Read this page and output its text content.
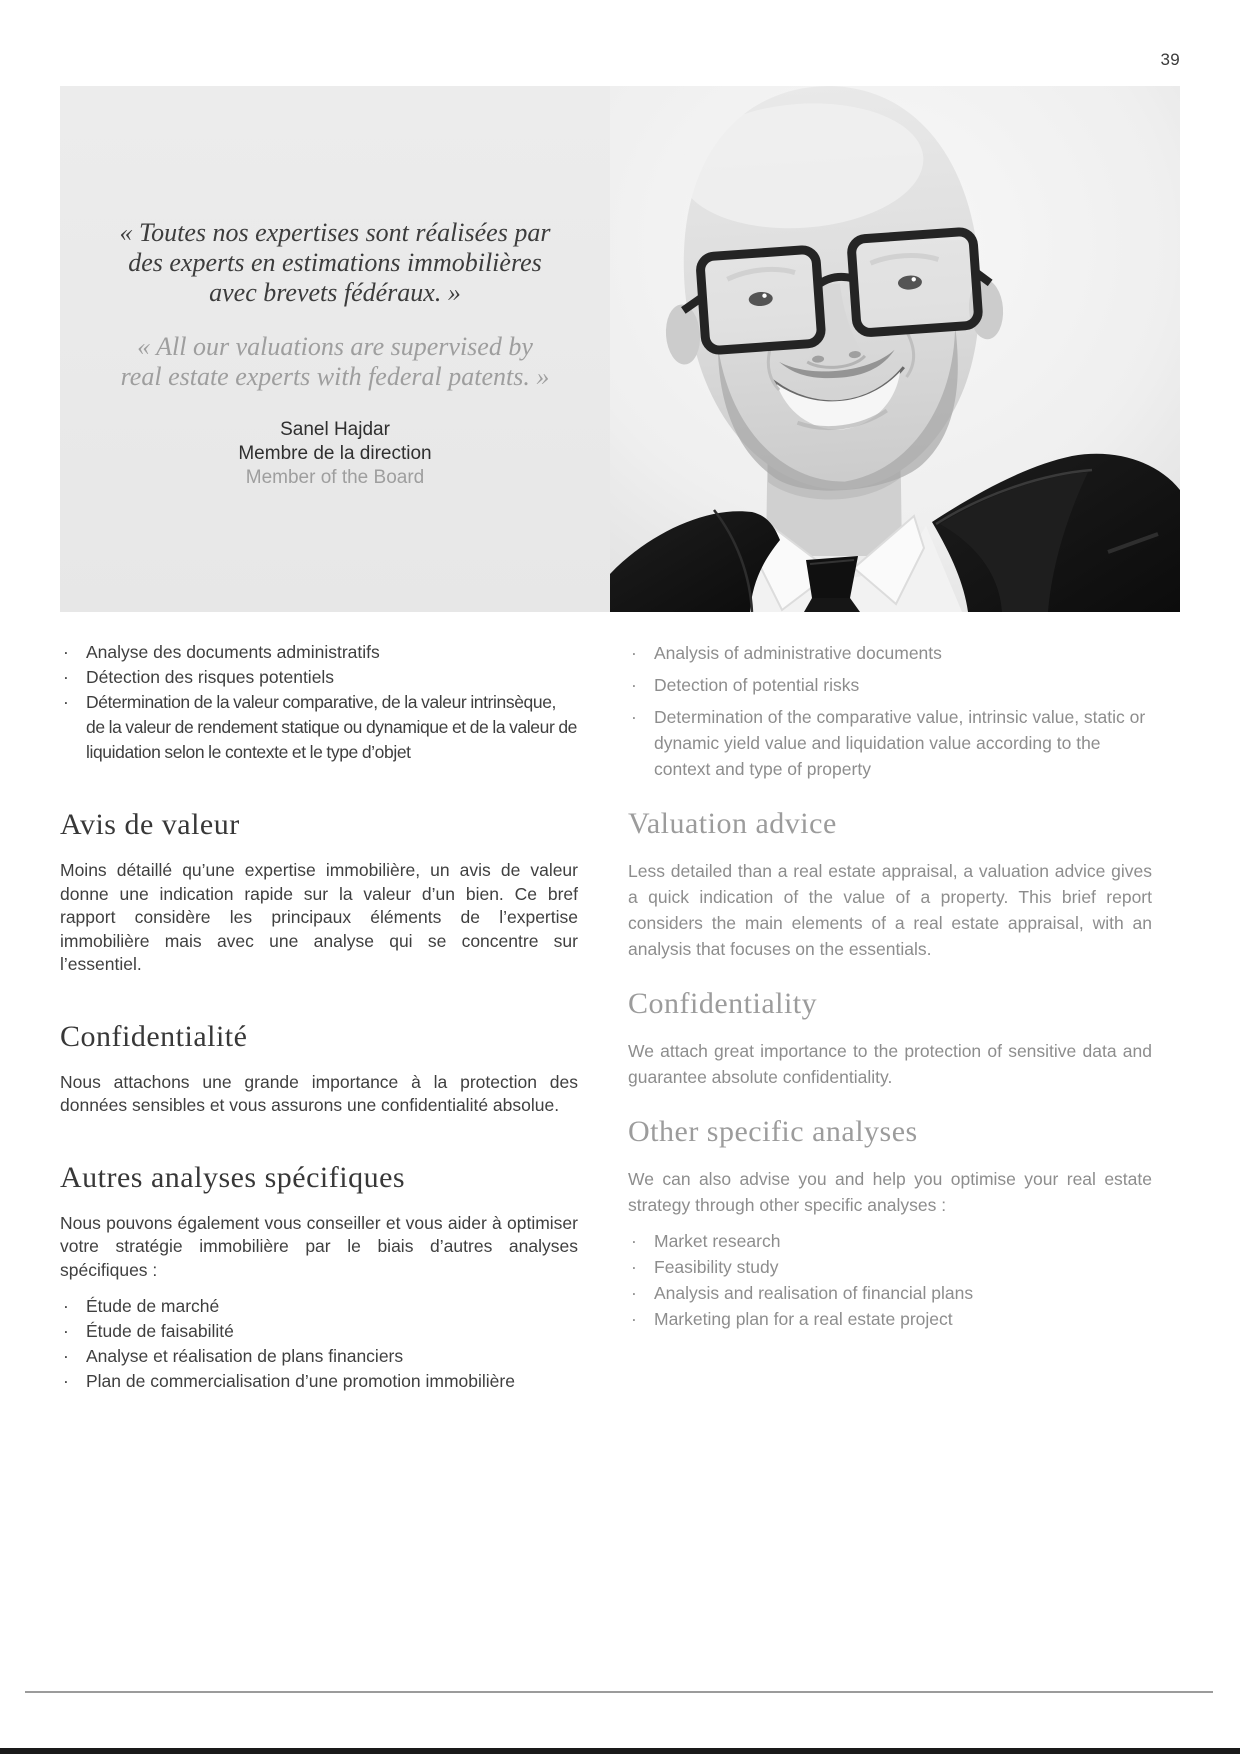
39
« Toutes nos expertises sont réalisées par
des experts en estimations immobilières
avec brevets fédéraux. »
« All our valuations are supervised by
real estate experts with federal patents. »
Sanel Hajdar
Membre de la direction
Member of the Board
· Analyse des documents administratifs
· Détection des risques potentiels
· Détermination de la valeur comparative, de la valeur intrinsèque, de la valeur de rendement statique ou dynamique et de la valeur de liquidation selon le contexte et le type d’objet
Avis de valeur

Moins détaillé qu’une expertise immobilière, un avis de valeur donne une indication rapide sur la valeur d’un bien. Ce bref rapport considère les principaux éléments de l’expertise immobilière mais avec une analyse qui se concentre sur l’essentiel.

Confidentialité

Nous attachons une grande importance à la protection des données sensibles et vous assurons une confidentialité absolue.

Autres analyses spécifiques

Nous pouvons également vous conseiller et vous aider à optimiser votre stratégie immobilière par le biais d’autres analyses spécifiques :

· Étude de marché
· Étude de faisabilité
· Analyse et réalisation de plans financiers
· Plan de commercialisation d’une promotion immobilière
· Analysis of administrative documents
· Detection of potential risks
· Determination of the comparative value, intrinsic value, static or dynamic yield value and liquidation value according to the context and type of property
Valuation advice

Less detailed than a real estate appraisal, a valuation advice gives a quick indication of the value of a property. This brief report considers the main elements of a real estate appraisal, with an analysis that focuses on the essentials.

Confidentiality

We attach great importance to the protection of sensitive data and guarantee absolute confidentiality.

Other specific analyses

We can also advise you and help you optimise your real estate strategy through other specific analyses :

· Market research
· Feasibility study
· Analysis and realisation of financial plans
· Marketing plan for a real estate project
